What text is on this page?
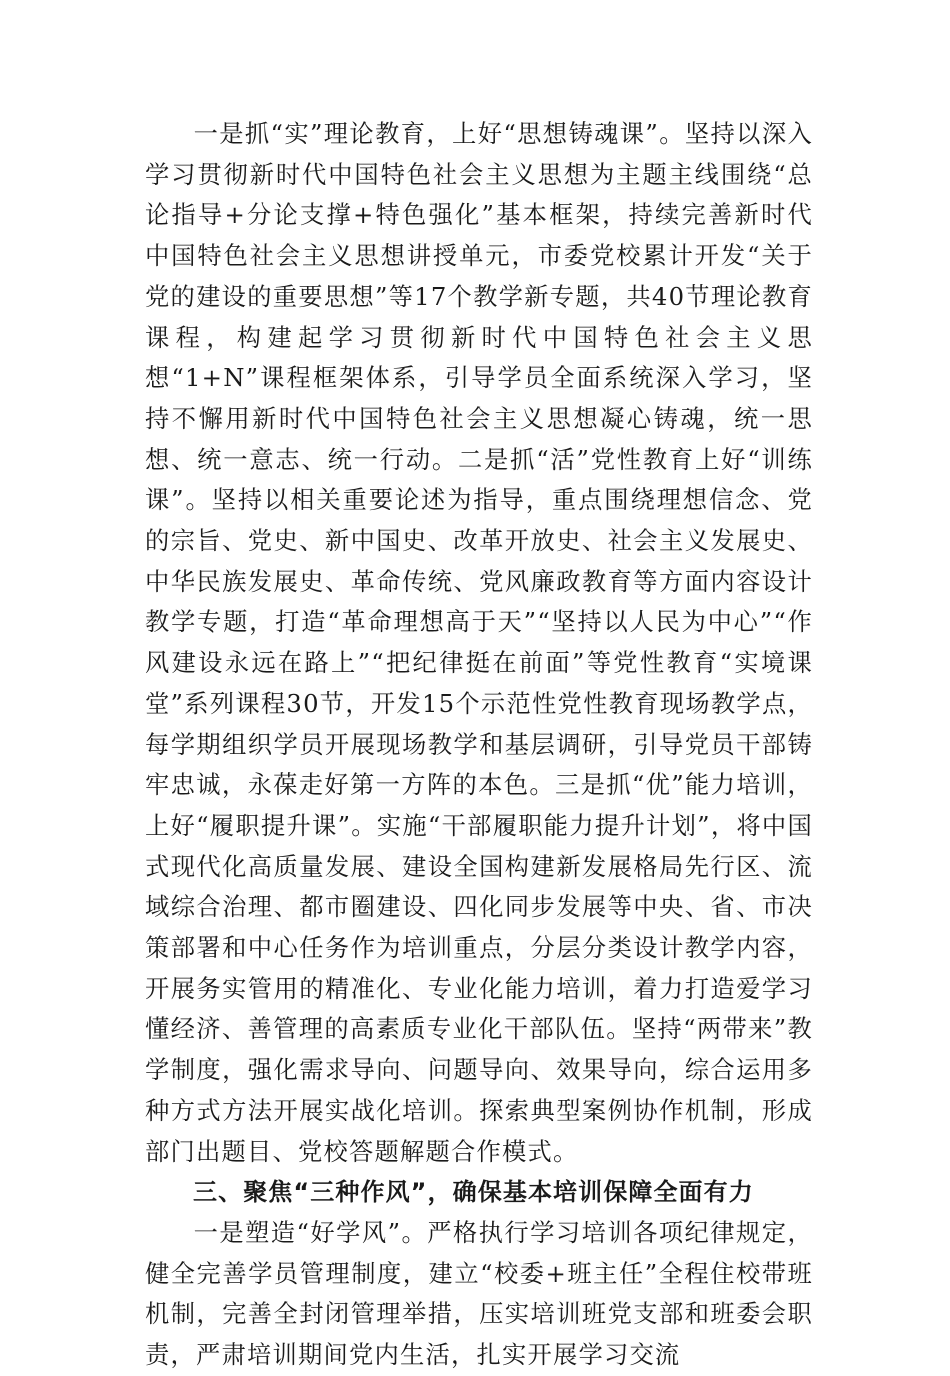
一是抓“实”理论教育，上好“思想铸魂课”。坚持以深入学习贯彻新时代中国特色社会主义思想为主题主线围绕“总论指导+分论支撑+特色强化”基本框架，持续完善新时代中国特色社会主义思想讲授单元，市委党校累计开发“关于党的建设的重要思想”等17个教学新专题，共40节理论教育课程，构建起学习贯彻新时代中国特色社会主义思想“1+N”课程框架体系，引导学员全面系统深入学习，坚持不懈用新时代中国特色社会主义思想凝心铸魂，统一思想、统一意志、统一行动。二是抓“活”党性教育上好“训练课”。坚持以相关重要论述为指导，重点围绕理想信念、党的宗旨、党史、新中国史、改革开放史、社会主义发展史、中华民族发展史、革命传统、党风廉政教育等方面内容设计教学专题，打造“革命理想高于天”“坚持以人民为中心”“作风建设永远在路上”“把纪律挺在前面”等党性教育“实境课堂”系列课程30节，开发15个示范性党性教育现场教学点，每学期组织学员开展现场教学和基层调研，引导党员干部铸牢忠诚，永葆走好第一方阵的本色。三是抓“优”能力培训，上好“履职提升课”。实施“干部履职能力提升计划”，将中国式现代化高质量发展、建设全国构建新发展格局先行区、流域综合治理、都市圈建设、四化同步发展等中央、省、市决策部署和中心任务作为培训重点，分层分类设计教学内容，开展务实管用的精准化、专业化能力培训，着力打造爱学习懂经济、善管理的高素质专业化干部队伍。坚持“两带来”教学制度，强化需求导向、问题导向、效果导向，综合运用多种方式方法开展实战化培训。探索典型案例协作机制，形成部门出题目、党校答题解题合作模式。

三、聚焦“三种作风”，确保基本培训保障全面有力

一是塑造“好学风”。严格执行学习培训各项纪律规定，健全完善学员管理制度，建立“校委+班主任”全程住校带班机制，完善全封闭管理举措，压实培训班党支部和班委会职责，严肃培训期间党内生活，扎实开展学习交流
